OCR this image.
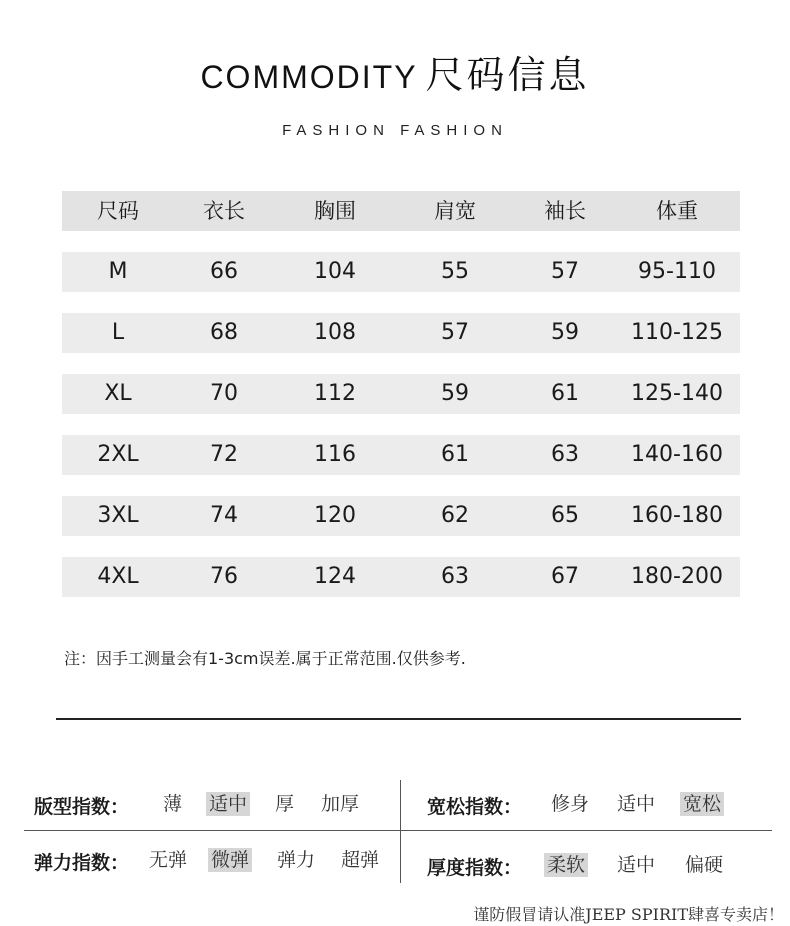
COMMODITY 尺码信息
FASHION FASHION
尺码	衣长	胸围	肩宽	袖长	体重
M	66	104	55	57	95-110
L	68	108	57	59	110-125
XL	70	112	59	61	125-140
2XL	72	116	61	63	140-160
3XL	74	120	62	65	160-180
4XL	76	124	63	67	180-200
注：因手工测量会有1-3cm误差.属于正常范围.仅供参考.
版型指数： 薄 适中 厚 加厚	宽松指数： 修身 适中 宽松
弹力指数： 无弹 微弹 弹力 超弹	厚度指数： 柔软 适中 偏硬
谨防假冒请认准JEEP SPIRIT肆喜专卖店！
